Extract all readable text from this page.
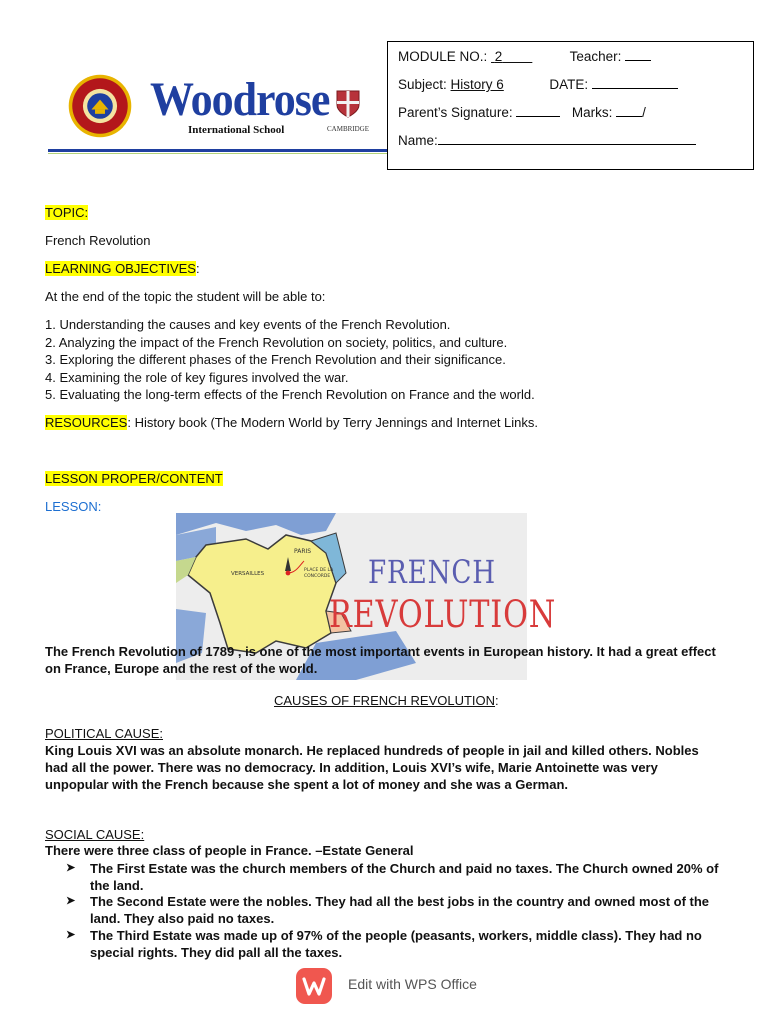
Woodrose
International School	CAMBRIDGE
MODULE NO.: 2	Teacher:
Subject: History 6	DATE:
Parent’s Signature:	Marks: /
Name:
TOPIC:
French Revolution
LEARNING OBJECTIVES:
At the end of the topic the student will be able to:
1. Understanding the causes and key events of the French Revolution.
2. Analyzing the impact of the French Revolution on society, politics, and culture.
3. Exploring the different phases of the French Revolution and their significance.
4. Examining the role of key figures involved the war.
5. Evaluating the long-term effects of the French Revolution on France and the world.
RESOURCES: History book (The Modern World by Terry Jennings and Internet Links.
LESSON PROPER/CONTENT
LESSON:
PARIS
VERSAILLES
PLACE DE LA
CONCORDE FRENCH
REVOLUTION
The French Revolution of 1789 , is one of the most important events in European history. It had a great effect
on France, Europe and the rest of the world.
CAUSES OF FRENCH REVOLUTION:
POLITICAL CAUSE:
King Louis XVI was an absolute monarch. He replaced hundreds of people in jail and killed others. Nobles
had all the power. There was no democracy. In addition, Louis XVI’s wife, Marie Antoinette was very
unpopular with the French because she spent a lot of money and she was a German.
SOCIAL CAUSE:
There were three class of people in France. –Estate General
➤ The First Estate was the church members of the Church and paid no taxes. The Church owned 20% of the land.
➤ The Second Estate were the nobles. They had all the best jobs in the country and owned most of the land. They also paid no taxes.
➤ The Third Estate was made up of 97% of the people (peasants, workers, middle class). They had no special rights. They did pall all the taxes.
Edit with WPS Office
